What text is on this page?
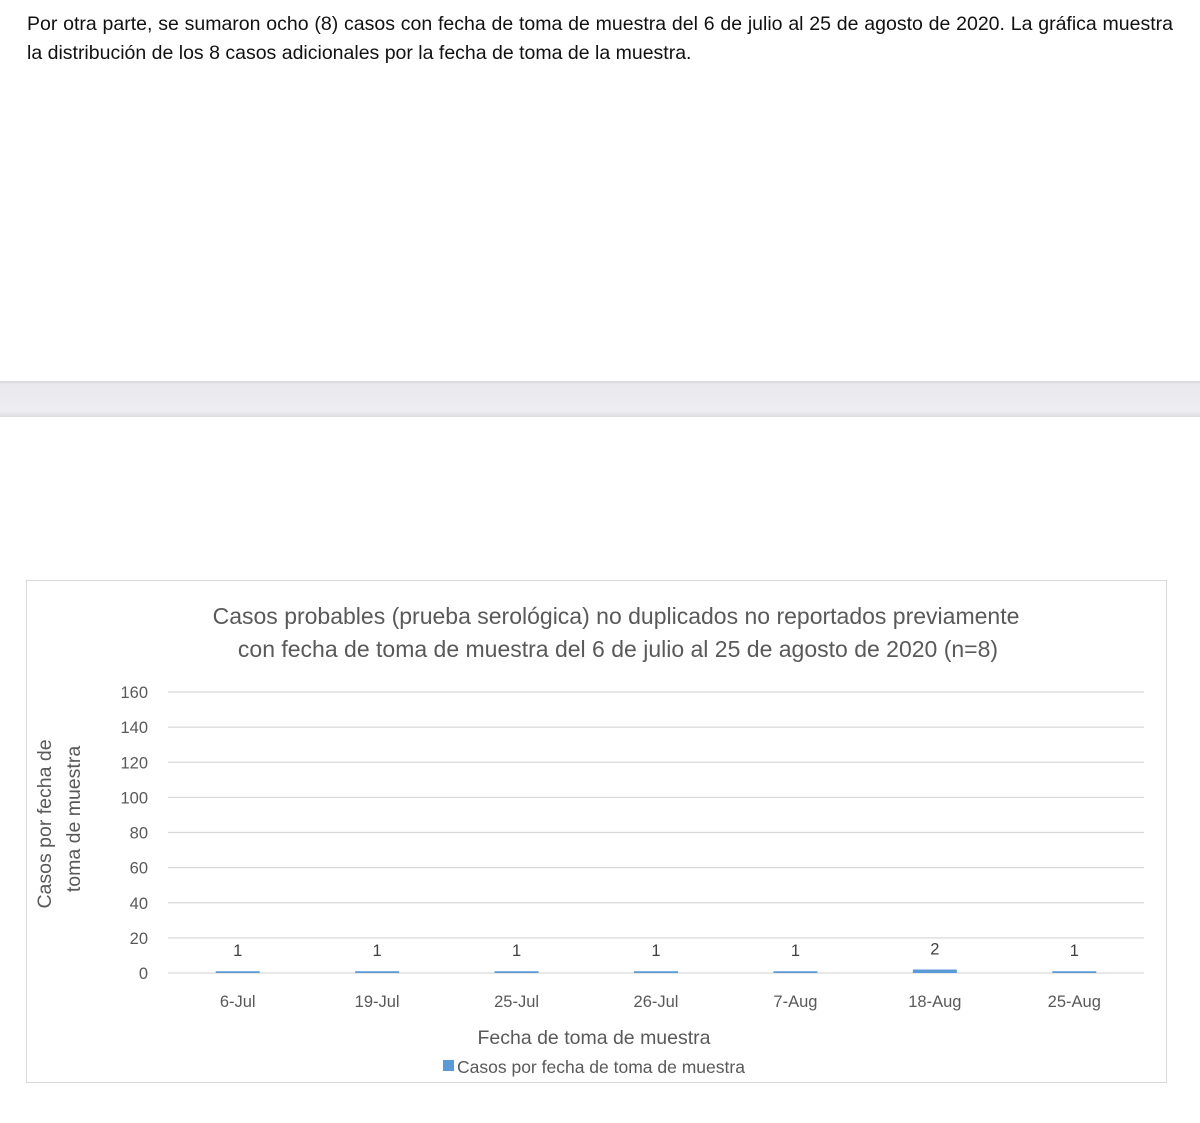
Por otra parte, se sumaron ocho (8) casos con fecha de toma de muestra del 6 de julio al 25 de agosto de 2020. La gráfica muestra la distribución de los 8 casos adicionales por la fecha de toma de la muestra.

Casos probables (prueba serológica) no duplicados no reportados previamente
con fecha de toma de muestra del 6 de julio al 25 de agosto de 2020 (n=8)
0
20
40
60
80
100
120
140
160
1	1	1	1	1	2	1
6-Jul	19-Jul	25-Jul	26-Jul	7-Aug	18-Aug	25-Aug
Casos por fecha de toma de muestra
Fecha de toma de muestra
Casos por fecha de toma de muestra
